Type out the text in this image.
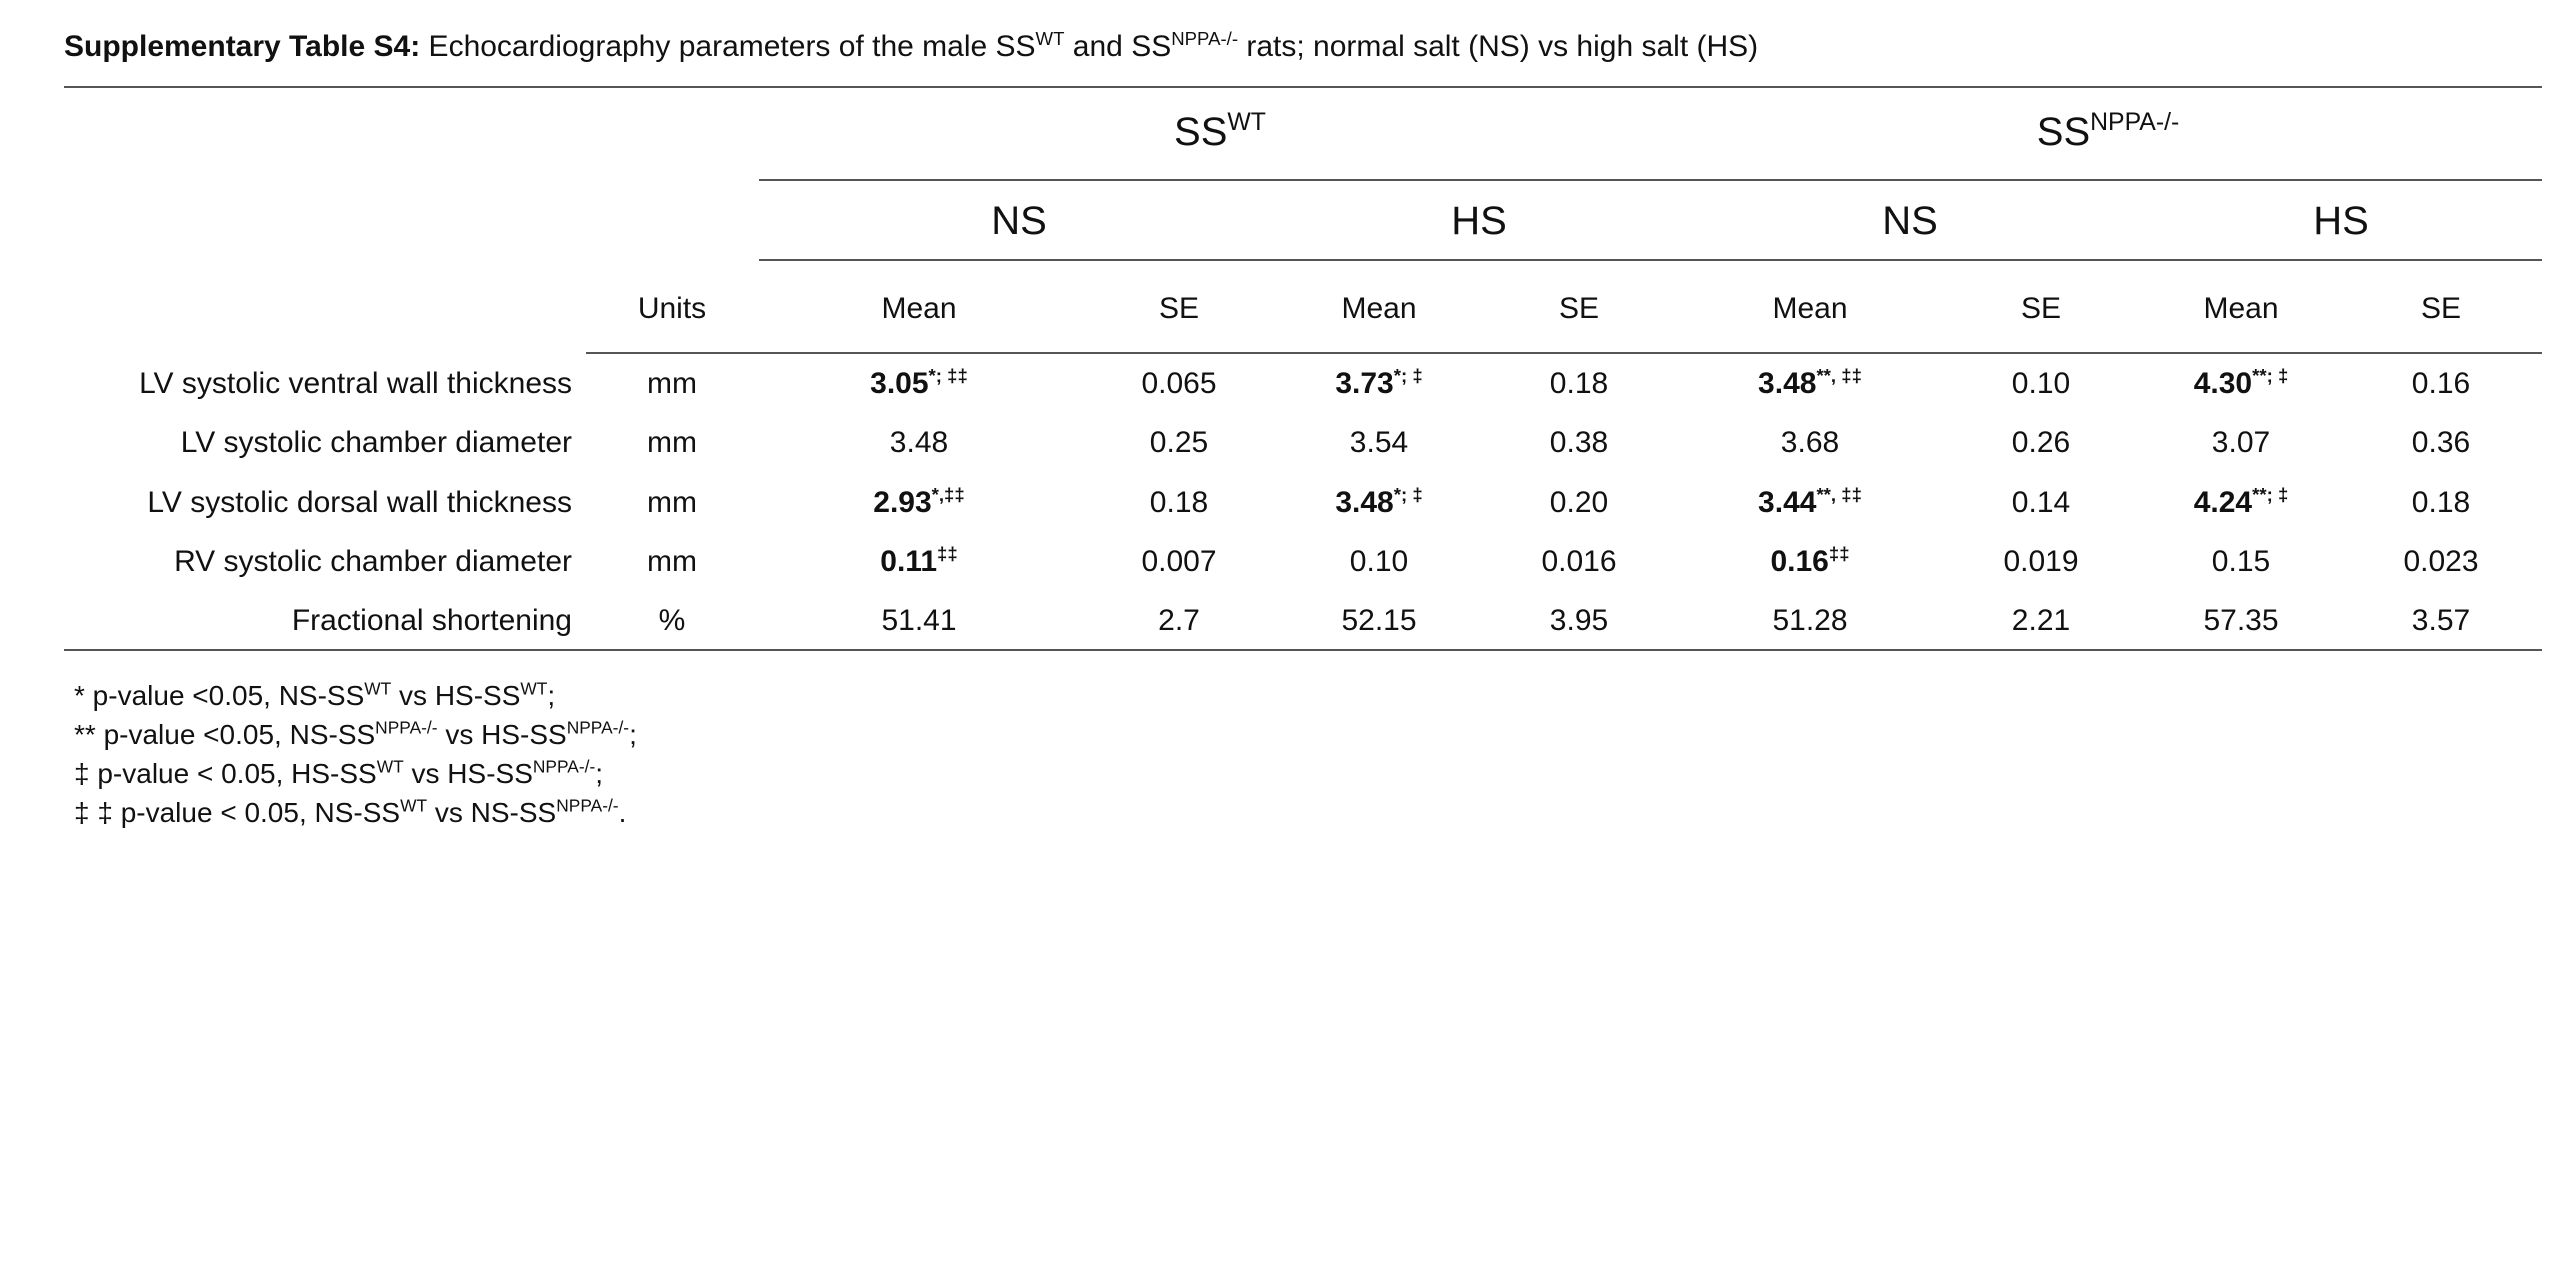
Supplementary Table S4: Echocardiography parameters of the male $SS^{WT}$ and $SS^{NPPA-/-}$ rats; normal salt (NS) vs high salt (HS)
$SS^{WT}$	$SS^{NPPA-/-}$
NS	HS	NS	HS
Units	Mean	SE	Mean	SE	Mean	SE	Mean	SE
LV systolic ventral wall thickness	mm	3.05*; ‡‡	0.065	3.73*; ‡	0.18	3.48**, ‡‡	0.10	4.30**; ‡	0.16
LV systolic chamber diameter	mm	3.48	0.25	3.54	0.38	3.68	0.26	3.07	0.36
LV systolic dorsal wall thickness	mm	2.93*,‡‡	0.18	3.48*; ‡	0.20	3.44**, ‡‡	0.14	4.24**; ‡	0.18
RV systolic chamber diameter	mm	0.11‡‡	0.007	0.10	0.016	0.16‡‡	0.019	0.15	0.023
Fractional shortening	%	51.41	2.7	52.15	3.95	51.28	2.21	57.35	3.57
* p-value <0.05, $NS-SS^{WT}$ vs $HS-SS^{WT}$;
** p-value <0.05, $NS-SS^{NPPA-/-}$ vs $HS-SS^{NPPA-/-}$;
‡ p-value < 0.05, $HS-SS^{WT}$ vs $HS-SS^{NPPA-/-}$;
‡ ‡ p-value < 0.05, $NS-SS^{WT}$ vs $NS-SS^{NPPA-/-}$.
